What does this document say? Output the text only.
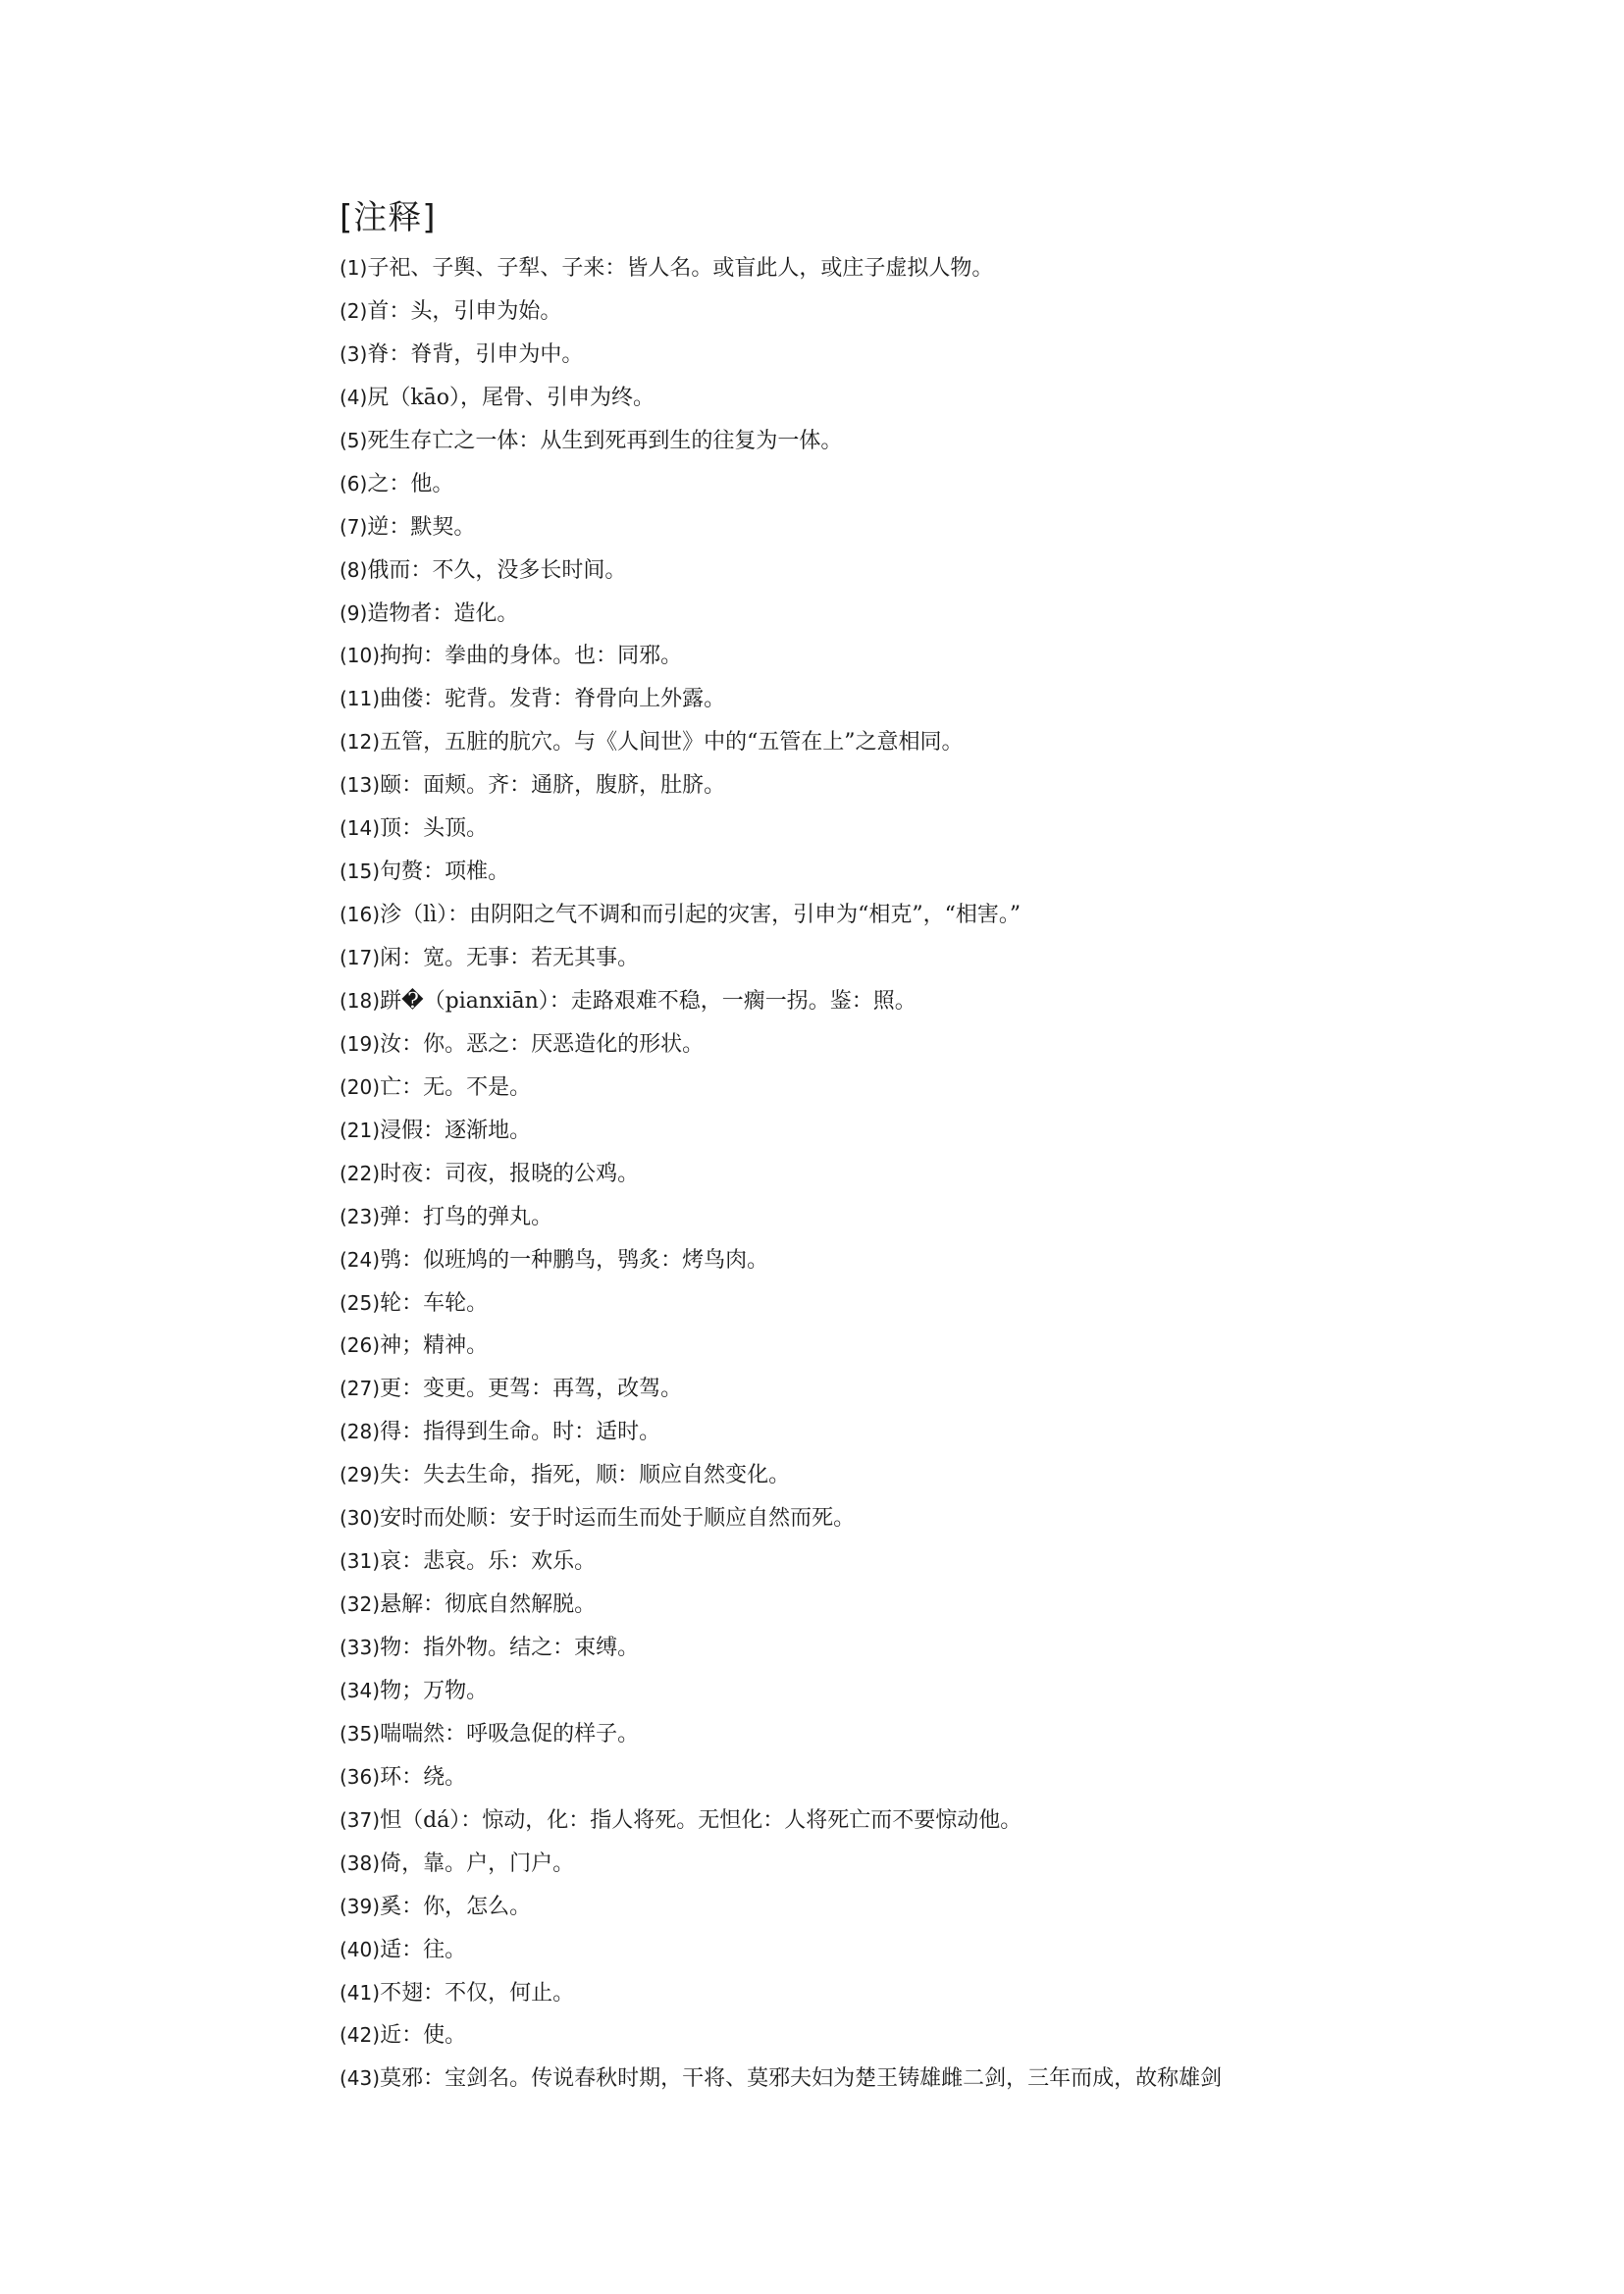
[注释]
(1)子祀、子舆、子犁、子来：皆人名。或盲此人，或庄子虚拟人物。
(2)首：头，引申为始。
(3)脊：脊背，引申为中。
(4)尻（kāo），尾骨、引申为终。
(5)死生存亡之一体：从生到死再到生的往复为一体。
(6)之：他。
(7)逆：默契。
(8)俄而：不久，没多长时间。
(9)造物者：造化。
(10)拘拘：拳曲的身体。也：同邪。
(11)曲偻：驼背。发背：脊骨向上外露。
(12)五管，五脏的肮穴。与《人间世》中的“五管在上”之意相同。
(13)颐：面颊。齐：通脐，腹脐，肚脐。
(14)顶：头顶。
(15)句赘：项椎。
(16)沴（lì）：由阴阳之气不调和而引起的灾害，引申为“相克”，“相害。”
(17)闲：宽。无事：若无其事。
(18)跰�（pianxiān）：走路艰难不稳，一瘸一拐。鉴：照。
(19)汝：你。恶之：厌恶造化的形状。
(20)亡：无。不是。
(21)浸假：逐渐地。
(22)时夜：司夜，报晓的公鸡。
(23)弹：打鸟的弹丸。
(24)鸮：似班鸠的一种鹏鸟，鸮炙：烤鸟肉。
(25)轮：车轮。
(26)神；精神。
(27)更：变更。更驾：再驾，改驾。
(28)得：指得到生命。时：适时。
(29)失：失去生命，指死，顺：顺应自然变化。
(30)安时而处顺：安于时运而生而处于顺应自然而死。
(31)哀：悲哀。乐：欢乐。
(32)悬解：彻底自然解脱。
(33)物：指外物。结之：束缚。
(34)物；万物。
(35)喘喘然：呼吸急促的样子。
(36)环：绕。
(37)怛（dá）：惊动，化：指人将死。无怛化：人将死亡而不要惊动他。
(38)倚，靠。户，门户。
(39)奚：你，怎么。
(40)适：往。
(41)不翅：不仅，何止。
(42)近：使。
(43)莫邪：宝剑名。传说春秋时期，干将、莫邪夫妇为楚王铸雄雌二剑，三年而成，故称雄剑
